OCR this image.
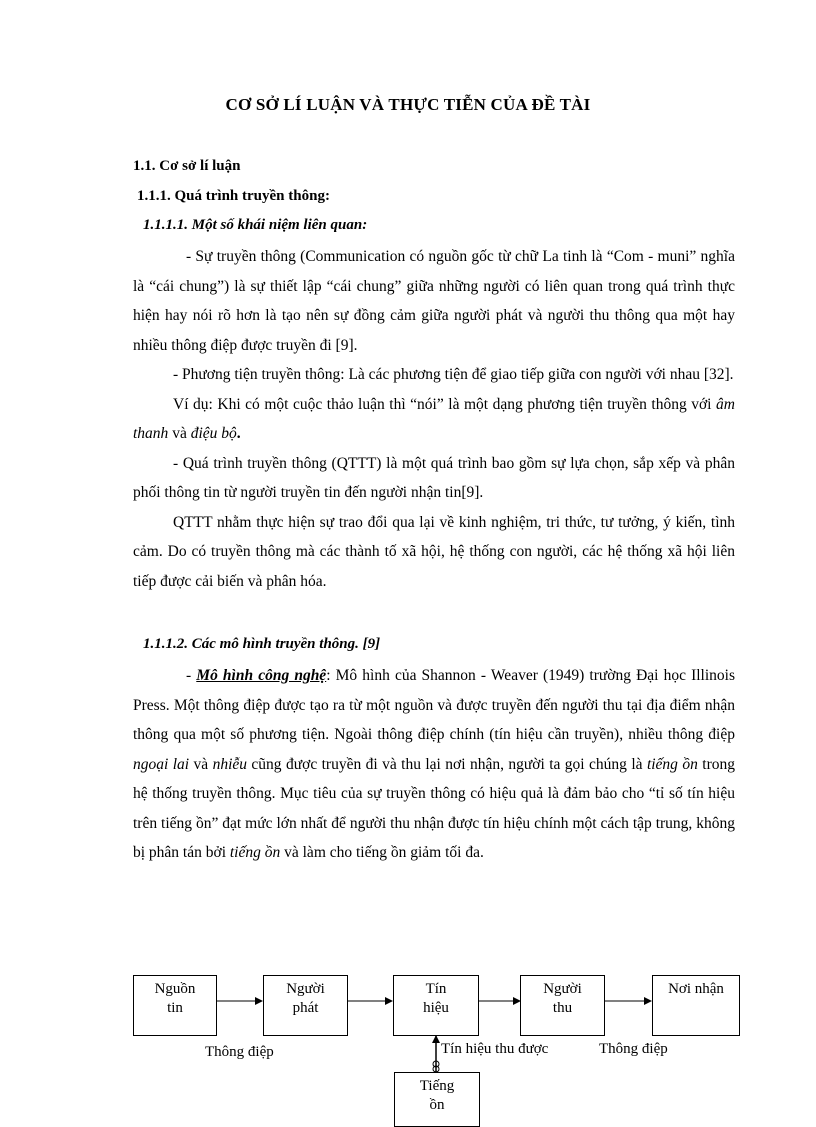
CƠ SỞ LÍ LUẬN VÀ THỰC TIỄN CỦA ĐỀ TÀI
1.1. Cơ sở lí luận
1.1.1. Quá trình truyền thông:
1.1.1.1. Một số khái niệm liên quan:

- Sự truyền thông (Communication có nguồn gốc từ chữ La tinh là “Com - muni” nghĩa là “cái chung”) là sự thiết lập “cái chung” giữa những người có liên quan trong quá trình thực hiện hay nói rõ hơn là tạo nên sự đồng cảm giữa người phát và người thu thông qua một hay nhiều thông điệp được truyền đi [9].

- Phương tiện truyền thông: Là các phương tiện để giao tiếp giữa con người với nhau [32].

Ví dụ: Khi có một cuộc thảo luận thì “nói” là một dạng phương tiện truyền thông với âm thanh và điệu bộ.

- Quá trình truyền thông (QTTT) là một quá trình bao gồm sự lựa chọn, sắp xếp và phân phối thông tin từ người truyền tin đến người nhận tin[9].

QTTT nhằm thực hiện sự trao đổi qua lại về kinh nghiệm, tri thức, tư tưởng, ý kiến, tình cảm. Do có truyền thông mà các thành tố xã hội, hệ thống con người, các hệ thống xã hội liên tiếp được cải biến và phân hóa.

1.1.1.2. Các mô hình truyền thông. [9]

- Mô hình công nghệ: Mô hình của Shannon - Weaver (1949) trường Đại học Illinois Press. Một thông điệp được tạo ra từ một nguồn và được truyền đến người thu tại địa điểm nhận thông qua một số phương tiện. Ngoài thông điệp chính (tín hiệu cần truyền), nhiều thông điệp ngoại lai và nhiễu cũng được truyền đi và thu lại nơi nhận, người ta gọi chúng là tiếng ồn trong hệ thống truyền thông. Mục tiêu của sự truyền thông có hiệu quả là đảm bảo cho “tỉ số tín hiệu trên tiếng ồn” đạt mức lớn nhất để người thu nhận được tín hiệu chính một cách tập trung, không bị phân tán bởi tiếng ồn và làm cho tiếng ồn giảm tối đa.

Nguồn
tin
Người
phát
Tín
hiệu
Người
thu
Nơi nhận
Tiếng
ồn
Thông điệp	Tín hiệu thu được	Thông điệp
